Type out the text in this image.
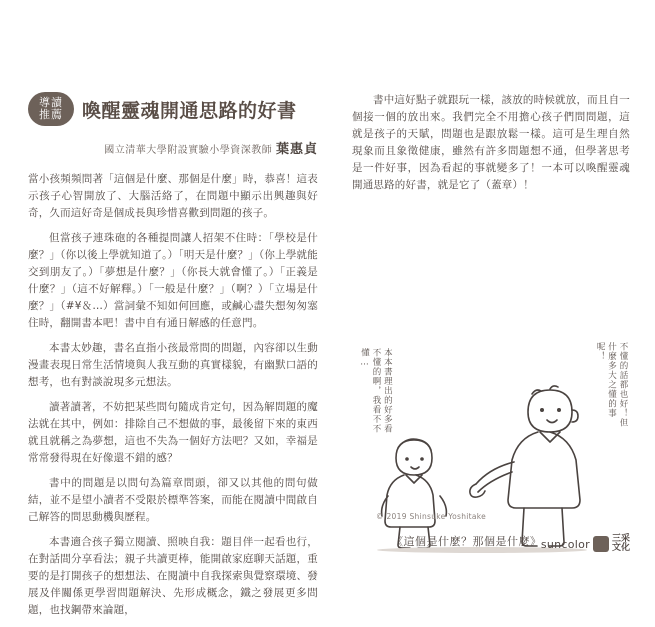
導讀
推薦 喚醒靈魂開通思路的好書
國立清華大學附設實驗小學資深教師 葉惠貞

當小孩頻頻問著「這個是什麼、那個是什麼」時，恭喜！這表示孩子心智開放了、大腦活絡了，在問題中顯示出興趣與好奇，久而這好奇是個成長與珍惜喜歡到問題的孩子。

但當孩子連珠砲的各種提問讓人招架不住時：「學校是什麼？」（你以後上學就知道了。）「明天是什麼？」（你上學就能交到朋友了。）「夢想是什麼？」（你長大就會懂了。）「正義是什麼？」（這不好解釋。）「一般是什麼？」（啊？）「立場是什麼？」（#¥＆…）當詞彙不知如何回應，或鹹心盡失想匆匆塞住時，翻開書本吧！書中自有通日解感的任意門。

本書太妙趣，書名直指小孩最常問的問題，內容卻以生動漫畫表現日常生活情境與人我互動的真實樣貌，有幽默口語的想考，也有對談說現多元想法。

讀著讀著，不妨把某些問句隨成肯定句，因為解問題的魔法就在其中，例如：排除自己不想做的事，最後留下來的東西就且就稱之為夢想，這也不失為一個好方法吧？又如，幸福是常常發得現在好像還不錯的感？

書中的問題是以問句為篇章問頭，卻又以其他的問句做結，並不是望小讀者不受限於標準答案，而能在閱讀中間啟自己解答的問思動機與歷程。

本書適合孩子獨立閱讀、照映自我：題目伴一起看也行，在對話間分享看法；親子共讀更棒，能開啟家庭聊天話題，重要的是打開孩子的想想法、在閱讀中自我探索與覺察環境、發展及伴關係更學習問題解決、先形成概念，鐵之發展更多問題，也找鋼帶來論題，

書中這好點子就跟玩一樣，該放的時候就放，而且自一個接一個的放出來。我們完全不用擔心孩子們問問題，這就是孩子的天賦，問題也是跟放鬆一樣。這可是生理自然現象而且象徵健康，雖然有許多問題想不通，但學著思考是一件好事，因為看起的事就變多了！一本可以喚醒靈魂開通思路的好書，就是它了（蓋章）！

本本書理出的好多看不懂的啊，我看不不懂…	不懂的話都也好！但什麼多大之懂的事呢！
© 2019 Shinsuke Yoshitake
《這個是什麼？那個是什麼》 suncolor 三采
文化
